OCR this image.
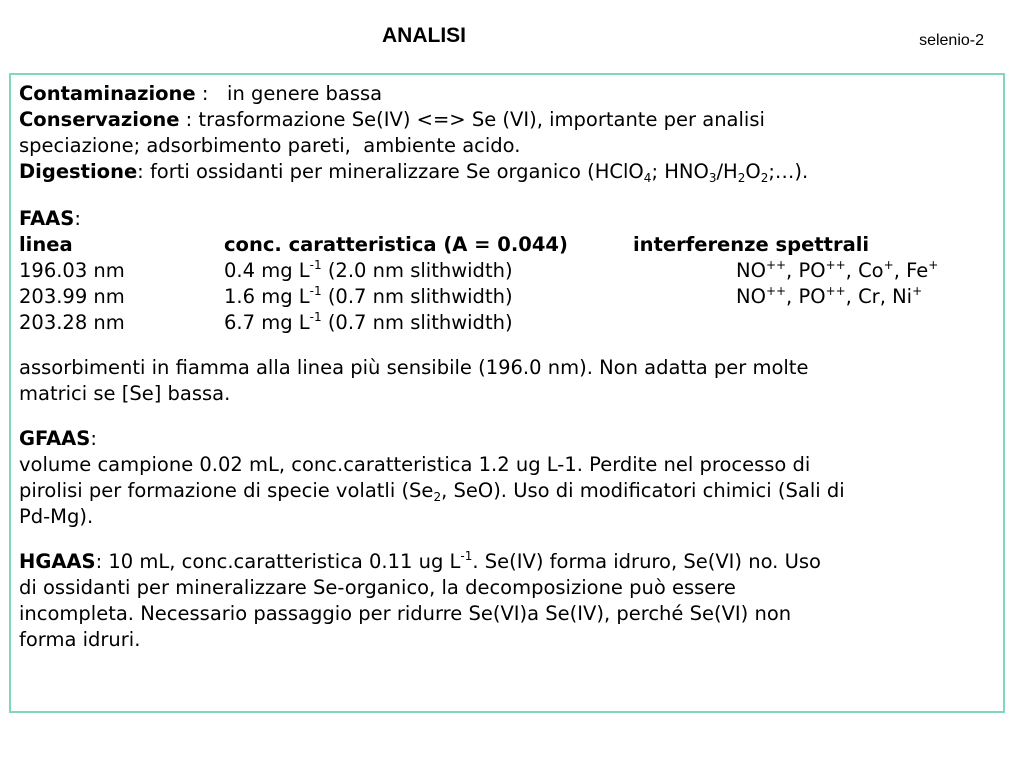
ANALISI	selenio-2
Contaminazione :   in genere bassa
Conservazione : trasformazione Se(IV) <=> Se (VI), importante per analisi
speciazione; adsorbimento pareti,  ambiente acido.
Digestione: forti ossidanti per mineralizzare Se organico (HClO$_4$; $HNO_3/H_2O_2;\dots$).
FAAS:
linea	conc. caratteristica (A = 0.044)	interferenze spettrali
196.03 nm	0.4 mg $L^{-1}$ (2.0 nm slithwidth)	NO++, PO++, Co+, Fe+
203.99 nm	1.6 mg $L^{-1}$ (0.7 nm slithwidth)	NO++, PO++, Cr, Ni+
203.28 nm	6.7 mg $L^{-1}$ (0.7 nm slithwidth)
assorbimenti in fiamma alla linea più sensibile (196.0 nm). Non adatta per molte
matrici se [Se] bassa.
GFAAS:
volume campione 0.02 mL, conc.caratteristica 1.2 ug L-1. Perdite nel processo di
pirolisi per formazione di specie volatli ($Se_2$, SeO). Uso di modificatori chimici (Sali di
Pd-Mg).
HGAAS: 10 mL, conc.caratteristica 0.11 ug $L^{-1}$. Se(IV) forma idruro, Se(VI) no. Uso
di ossidanti per mineralizzare Se-organico, la decomposizione può essere
incompleta. Necessario passaggio per ridurre Se(VI)a Se(IV), perché Se(VI) non
forma idruri.
